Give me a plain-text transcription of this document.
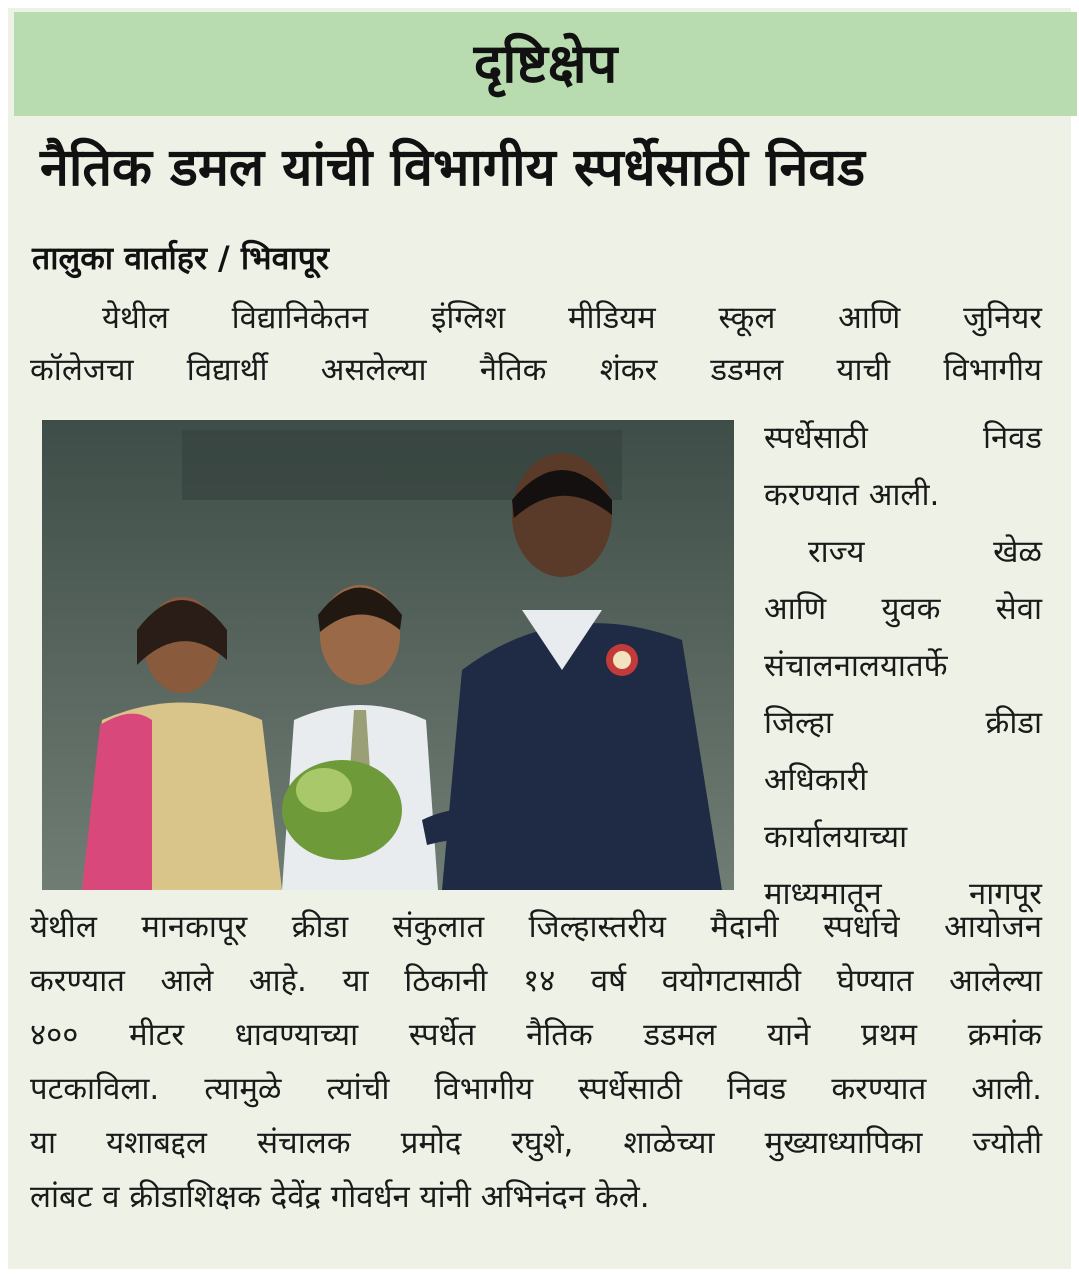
दृष्टिक्षेप
नैतिक डमल यांची विभागीय स्पर्धेसाठी निवड
तालुका वार्ताहर / भिवापूर

येथील विद्यानिकेतन इंग्लिश मीडियम स्कूल आणि जुनियर

कॉलेजचा विद्यार्थी असलेल्या नैतिक शंकर डडमल याची विभागीय

स्पर्धेसाठी निवड

करण्यात आली.

राज्य खेळ

आणि युवक सेवा

संचालनालयातर्फे

जिल्हा क्रीडा

अधिकारी

कार्यालयाच्या

माध्यमातून नागपूर

येथील मानकापूर क्रीडा संकुलात जिल्हास्तरीय मैदानी स्पर्धाचे आयोजन

करण्यात आले आहे. या ठिकानी १४ वर्ष वयोगटासाठी घेण्यात आलेल्या

४०० मीटर धावण्याच्या स्पर्धेत नैतिक डडमल याने प्रथम क्रमांक

पटकाविला. त्यामुळे त्यांची विभागीय स्पर्धेसाठी निवड करण्यात आली.

या यशाबद्दल संचालक प्रमोद रघुशे, शाळेच्या मुख्याध्यापिका ज्योती

लांबट व क्रीडाशिक्षक देवेंद्र गोवर्धन यांनी अभिनंदन केले.
